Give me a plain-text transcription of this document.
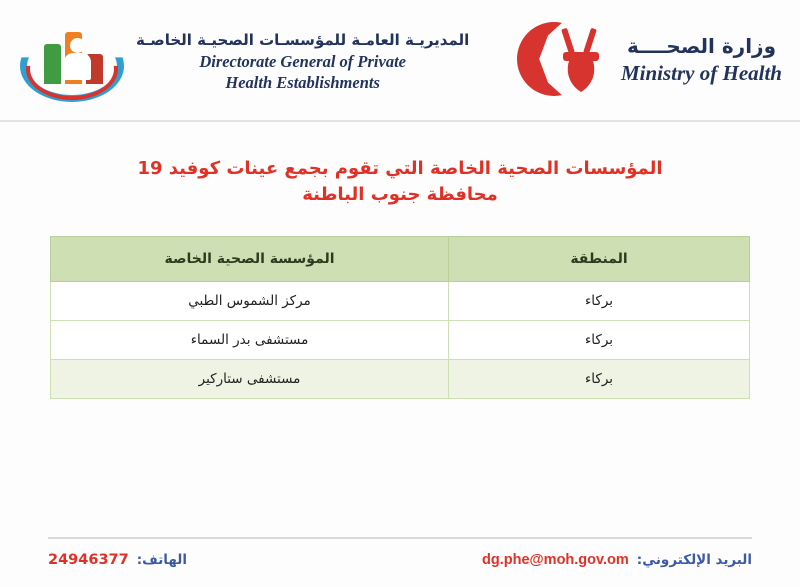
المديريـة العامـة للمؤسسـات الصحيـة الخاصـة
Directorate General of Private
Health Establishments
وزارة الصحــــة
Ministry of Health
المؤسسات الصحية الخاصة التي تقوم بجمع عينات كوفيد 19
محافظة جنوب الباطنة
المنطقة	المؤسسة الصحية الخاصة
بركاء	مركز الشموس الطبي
بركاء	مستشفى بدر السماء
بركاء	مستشفى ستاركير
البريد الإلكتروني:
dg.phe@moh.gov.om
الهاتف:
24946377
